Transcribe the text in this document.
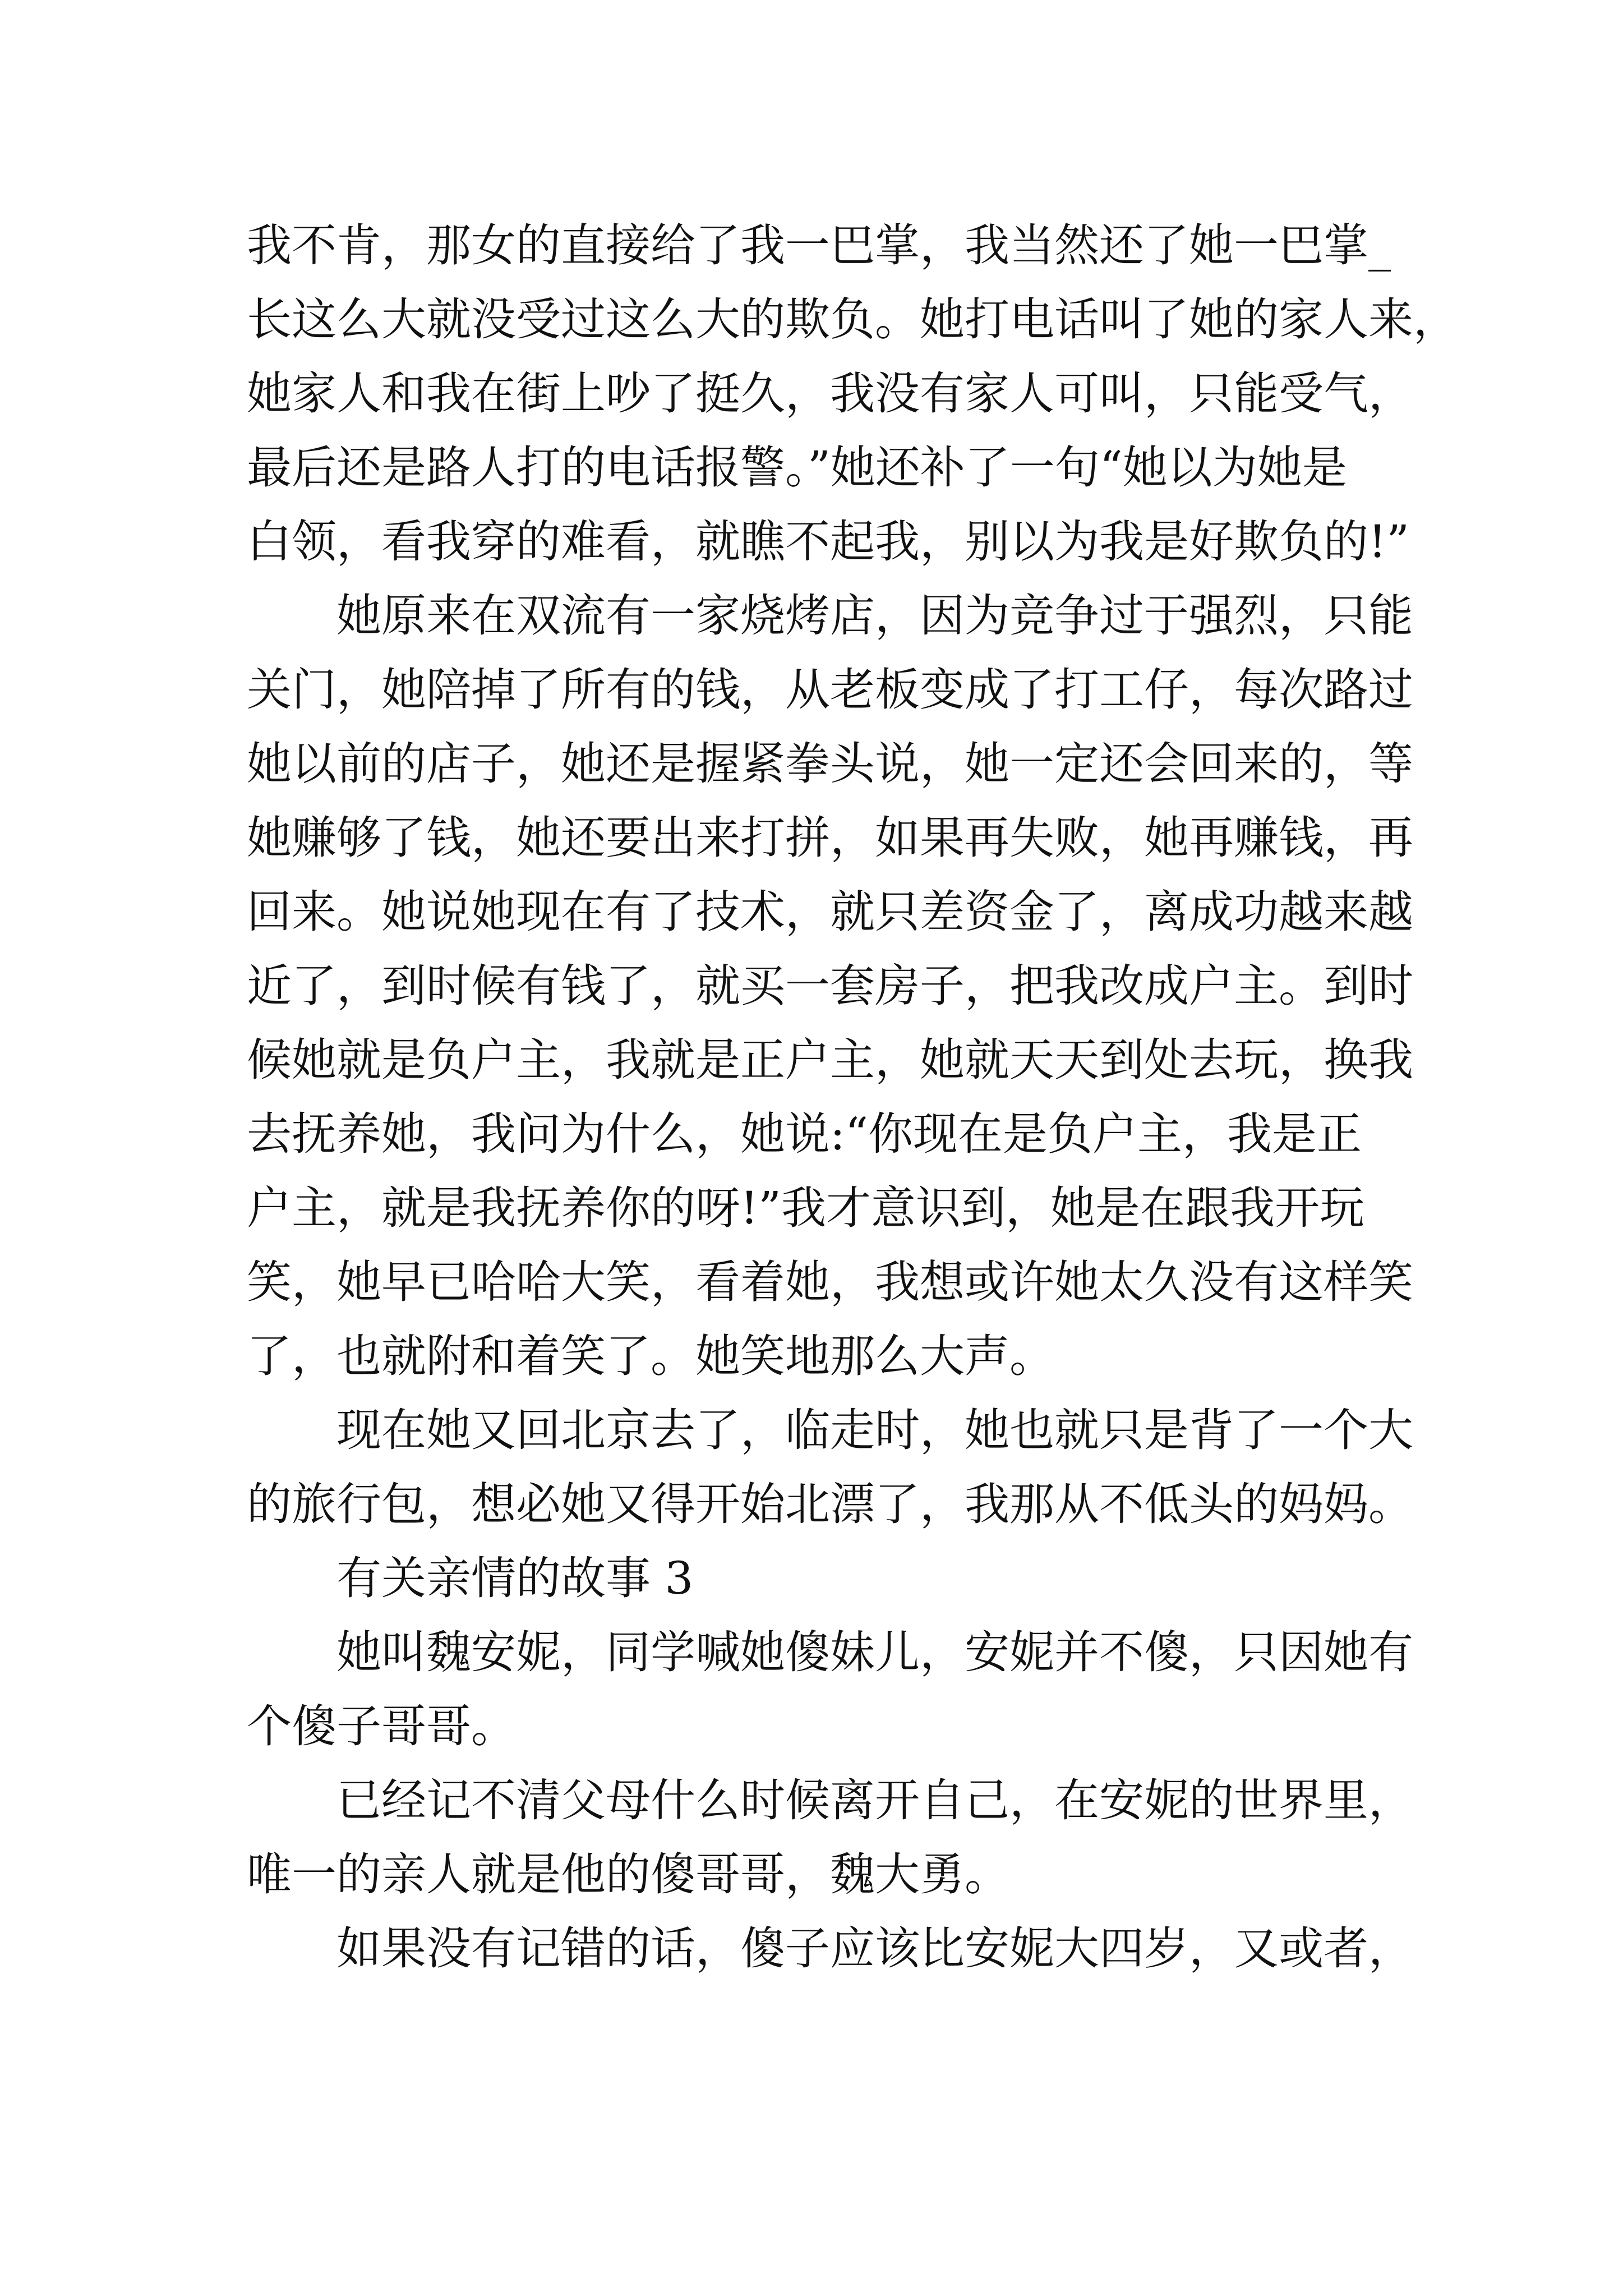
我不肯，那女的直接给了我一巴掌，我当然还了她一巴掌_
长这么大就没受过这么大的欺负。她打电话叫了她的家人来，
她家人和我在街上吵了挺久，我没有家人可叫，只能受气，
最后还是路人打的电话报警。”她还补了一句“她以为她是
白领，看我穿的难看，就瞧不起我，别以为我是好欺负的!”
她原来在双流有一家烧烤店，因为竞争过于强烈，只能
关门，她陪掉了所有的钱，从老板变成了打工仔，每次路过
她以前的店子，她还是握紧拳头说，她一定还会回来的，等
她赚够了钱，她还要出来打拼，如果再失败，她再赚钱，再
回来。她说她现在有了技术，就只差资金了，离成功越来越
近了，到时候有钱了，就买一套房子，把我改成户主。到时
候她就是负户主，我就是正户主，她就天天到处去玩，换我
去抚养她，我问为什么，她说:“你现在是负户主，我是正
户主，就是我抚养你的呀!”我才意识到，她是在跟我开玩
笑，她早已哈哈大笑，看着她，我想或许她太久没有这样笑
了，也就附和着笑了。她笑地那么大声。
现在她又回北京去了，临走时，她也就只是背了一个大
的旅行包，想必她又得开始北漂了，我那从不低头的妈妈。
有关亲情的故事 3
她叫魏安妮，同学喊她傻妹儿，安妮并不傻，只因她有
个傻子哥哥。
已经记不清父母什么时候离开自己，在安妮的世界里，
唯一的亲人就是他的傻哥哥，魏大勇。
如果没有记错的话，傻子应该比安妮大四岁，又或者，
